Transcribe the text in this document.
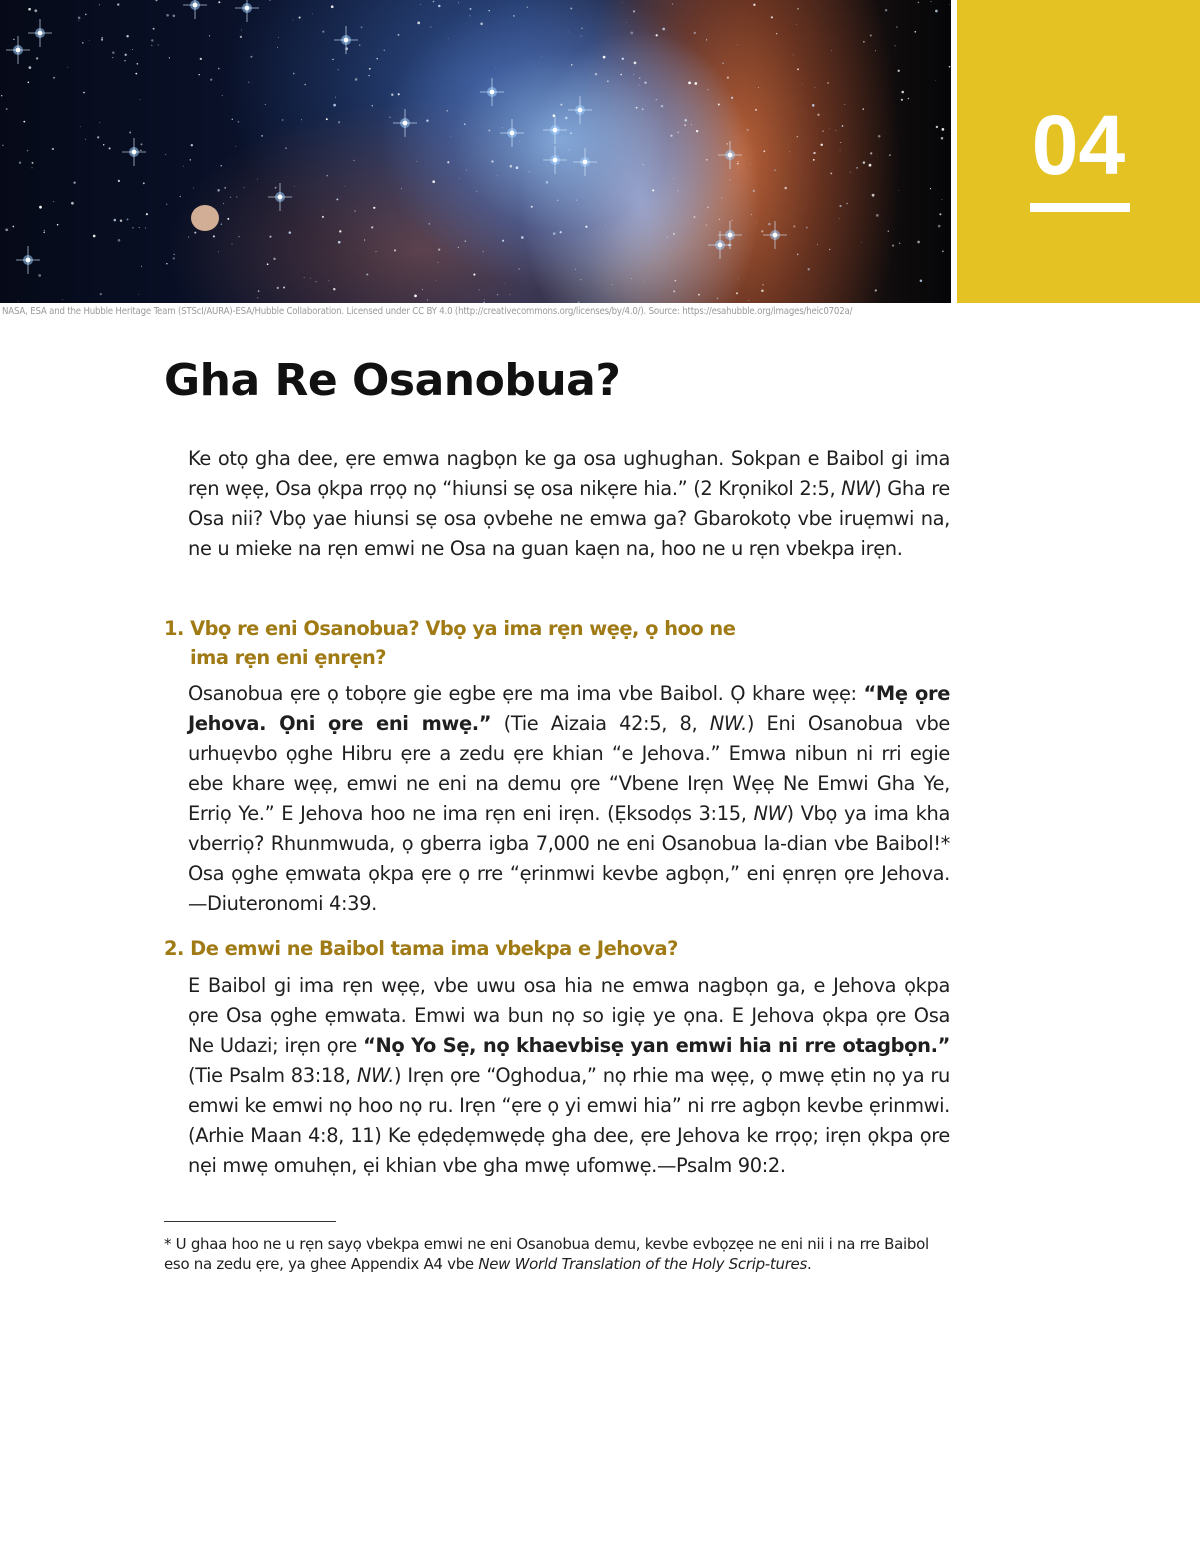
04
NASA, ESA and the Hubble Heritage Team (STScI/AURA)-ESA/Hubble Collaboration. Licensed under CC BY 4.0 (http://creativecommons.org/licenses/by/4.0/). Source: https://esahubble.org/images/heic0702a/
Gha Re Osanobua?
Ke otọ gha dee, ẹre emwa nagbọn ke ga osa ughughan. Sokpan e Baibol gi ima rẹn wẹẹ, Osa ọkpa rrọọ nọ “hiunsi sẹ osa nikẹre hia.” (2 Krọnikol 2:5, NW) Gha re Osa nii? Vbọ yae hiunsi sẹ osa ọvbehe ne emwa ga? Gbarokotọ vbe iruẹmwi na, ne u mieke na rẹn emwi ne Osa na guan kaẹn na, hoo ne u rẹn vbekpa irẹn.
1. Vbọ re eni Osanobua? Vbọ ya ima rẹn wẹẹ, ọ hoo ne
ima rẹn eni ẹnrẹn?
Osanobua ẹre ọ tobọre gie egbe ẹre ma ima vbe Baibol. Ọ khare wẹẹ: “Mẹ ọre Jehova. Ọni ọre eni mwẹ.” (Tie Aizaia 42:5, 8, NW.) Eni Osanobua vbe urhuẹvbo ọghe Hibru ẹre a zedu ẹre khian “e Jehova.” Emwa nibun ni rri egie ebe khare wẹẹ, emwi ne eni na demu ọre “Vbene Irẹn Wẹẹ Ne Emwi Gha Ye, Erriọ Ye.” E Jehova hoo ne ima rẹn eni irẹn. (Ẹksodọs 3:15, NW) Vbọ ya ima kha vberriọ? Rhunmwuda, ọ gberra igba 7,000 ne eni Osanobua la-dian vbe Baibol!* Osa ọghe ẹmwata ọkpa ẹre ọ rre “ẹrinmwi kevbe agbọn,” eni ẹnrẹn ọre Jehova.—Diuteronomi 4:39.
2. De emwi ne Baibol tama ima vbekpa e Jehova?
E Baibol gi ima rẹn wẹẹ, vbe uwu osa hia ne emwa nagbọn ga, e Jehova ọkpa ọre Osa ọghe ẹmwata. Emwi wa bun nọ so igiẹ ye ọna. E Jehova ọkpa ọre Osa Ne Udazi; irẹn ọre “Nọ Yo Sẹ, nọ khaevbisẹ yan emwi hia ni rre otagbọn.” (Tie Psalm 83:18, NW.) Irẹn ọre “Oghodua,” nọ rhie ma wẹẹ, ọ mwẹ ẹtin nọ ya ru emwi ke emwi nọ hoo nọ ru. Irẹn “ẹre ọ yi emwi hia” ni rre agbọn kevbe ẹrinmwi. (Arhie Maan 4:8, 11) Ke ẹdẹdẹmwẹdẹ gha dee, ẹre Jehova ke rrọọ; irẹn ọkpa ọre nẹi mwẹ omuhẹn, ẹi khian vbe gha mwẹ ufomwẹ.—Psalm 90:2.
* U ghaa hoo ne u rẹn sayọ vbekpa emwi ne eni Osanobua demu, kevbe evbọzẹe ne eni nii i na rre Baibol eso na zedu ẹre, ya ghee Appendix A4 vbe New World Translation of the Holy Scrip-tures.
